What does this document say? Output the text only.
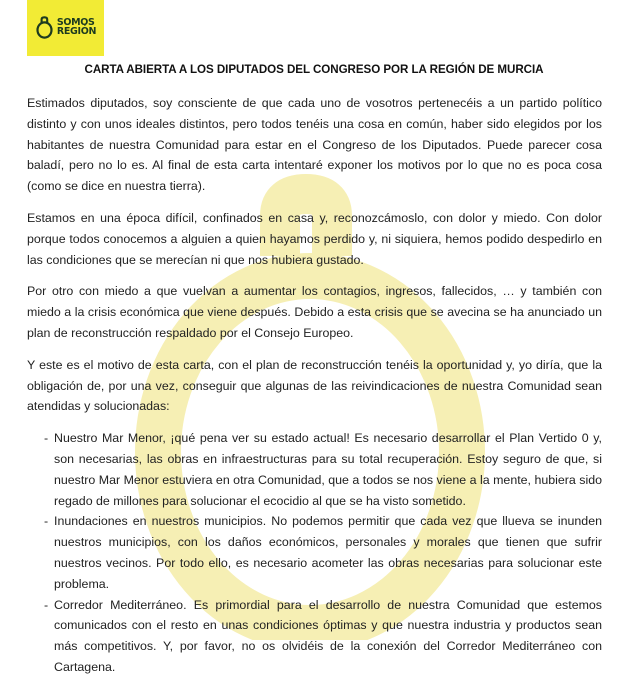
SOMOS
REGIÓN
CARTA ABIERTA A LOS DIPUTADOS DEL CONGRESO POR LA REGIÓN DE MURCIA

Estimados diputados, soy consciente de que cada uno de vosotros pertenecéis a un partido político distinto y con unos ideales distintos, pero todos tenéis una cosa en común, haber sido elegidos por los habitantes de nuestra Comunidad para estar en el Congreso de los Diputados. Puede parecer cosa baladí, pero no lo es. Al final de esta carta intentaré exponer los motivos por lo que no es poca cosa (como se dice en nuestra tierra).

Estamos en una época difícil, confinados en casa y, reconozcámoslo, con dolor y miedo. Con dolor porque todos conocemos a alguien a quien hayamos perdido y, ni siquiera, hemos podido despedirlo en las condiciones que se merecían ni que nos hubiera gustado.

Por otro con miedo a que vuelvan a aumentar los contagios, ingresos, fallecidos, … y también con miedo a la crisis económica que viene después. Debido a esta crisis que se avecina se ha anunciado un plan de reconstrucción respaldado por el Consejo Europeo.

Y este es el motivo de esta carta, con el plan de reconstrucción tenéis la oportunidad y, yo diría, que la obligación de, por una vez, conseguir que algunas de las reivindicaciones de nuestra Comunidad sean atendidas y solucionadas:

- Nuestro Mar Menor, ¡qué pena ver su estado actual! Es necesario desarrollar el Plan Vertido 0 y, son necesarias, las obras en infraestructuras para su total recuperación. Estoy seguro de que, si nuestro Mar Menor estuviera en otra Comunidad, que a todos se nos viene a la mente, hubiera sido regado de millones para solucionar el ecocidio al que se ha visto sometido.
- Inundaciones en nuestros municipios. No podemos permitir que cada vez que llueva se inunden nuestros municipios, con los daños económicos, personales y morales que tienen que sufrir nuestros vecinos. Por todo ello, es necesario acometer las obras necesarias para solucionar este problema.
- Corredor Mediterráneo. Es primordial para el desarrollo de nuestra Comunidad que estemos comunicados con el resto en unas condiciones óptimas y que nuestra industria y productos sean más competitivos. Y, por favor, no os olvidéis de la conexión del Corredor Mediterráneo con Cartagena.
